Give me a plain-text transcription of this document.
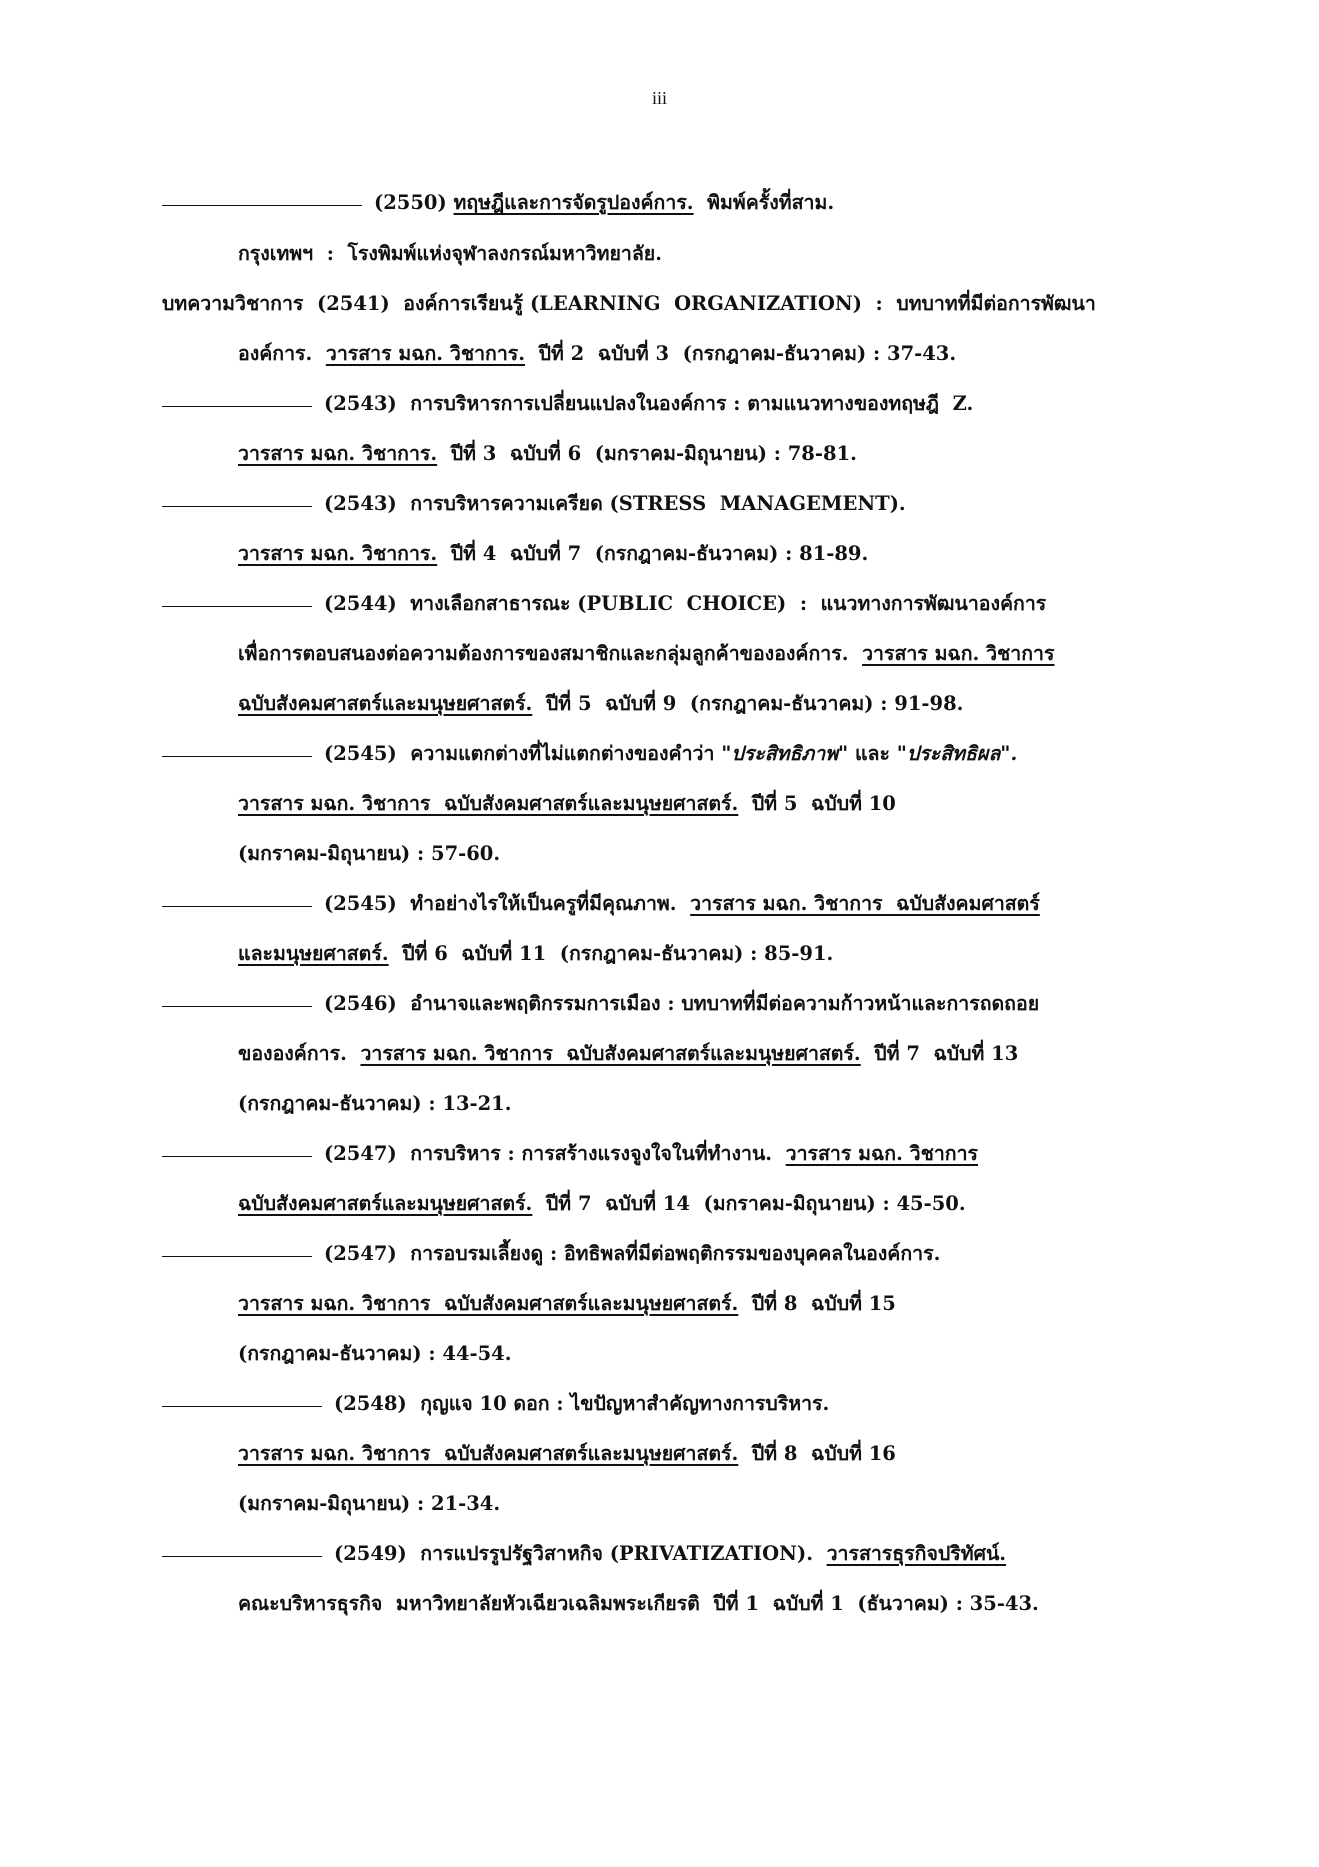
iii
(2550) ทฤษฎีและการจัดรูปองค์การ.  พิมพ์ครั้งที่สาม.
กรุงเทพฯ  :  โรงพิมพ์แห่งจุฬาลงกรณ์มหาวิทยาลัย.
บทความวิชาการ  (2541)  องค์การเรียนรู้ (LEARNING  ORGANIZATION)  :  บทบาทที่มีต่อการพัฒนา
องค์การ.  วารสาร มฉก. วิชาการ.  ปีที่ 2  ฉบับที่ 3  (กรกฎาคม-ธันวาคม) : 37-43.
(2543)  การบริหารการเปลี่ยนแปลงในองค์การ : ตามแนวทางของทฤษฎี  Z.
วารสาร มฉก. วิชาการ.  ปีที่ 3  ฉบับที่ 6  (มกราคม-มิถุนายน) : 78-81.
(2543)  การบริหารความเครียด (STRESS  MANAGEMENT).
วารสาร มฉก. วิชาการ.  ปีที่ 4  ฉบับที่ 7  (กรกฎาคม-ธันวาคม) : 81-89.
(2544)  ทางเลือกสาธารณะ (PUBLIC  CHOICE)  :  แนวทางการพัฒนาองค์การ
เพื่อการตอบสนองต่อความต้องการของสมาชิกและกลุ่มลูกค้าขององค์การ.  วารสาร มฉก. วิชาการ
ฉบับสังคมศาสตร์และมนุษยศาสตร์.  ปีที่ 5  ฉบับที่ 9  (กรกฎาคม-ธันวาคม) : 91-98.
(2545)  ความแตกต่างที่ไม่แตกต่างของคำว่า "ประสิทธิภาพ" และ "ประสิทธิผล".
วารสาร มฉก. วิชาการ  ฉบับสังคมศาสตร์และมนุษยศาสตร์.  ปีที่ 5  ฉบับที่ 10
(มกราคม-มิถุนายน) : 57-60.
(2545)  ทำอย่างไรให้เป็นครูที่มีคุณภาพ.  วารสาร มฉก. วิชาการ  ฉบับสังคมศาสตร์
และมนุษยศาสตร์.  ปีที่ 6  ฉบับที่ 11  (กรกฎาคม-ธันวาคม) : 85-91.
(2546)  อำนาจและพฤติกรรมการเมือง : บทบาทที่มีต่อความก้าวหน้าและการถดถอย
ขององค์การ.  วารสาร มฉก. วิชาการ  ฉบับสังคมศาสตร์และมนุษยศาสตร์.  ปีที่ 7  ฉบับที่ 13
(กรกฎาคม-ธันวาคม) : 13-21.
(2547)  การบริหาร : การสร้างแรงจูงใจในที่ทำงาน.  วารสาร มฉก. วิชาการ
ฉบับสังคมศาสตร์และมนุษยศาสตร์.  ปีที่ 7  ฉบับที่ 14  (มกราคม-มิถุนายน) : 45-50.
(2547)  การอบรมเลี้ยงดู : อิทธิพลที่มีต่อพฤติกรรมของบุคคลในองค์การ.
วารสาร มฉก. วิชาการ  ฉบับสังคมศาสตร์และมนุษยศาสตร์.  ปีที่ 8  ฉบับที่ 15
(กรกฎาคม-ธันวาคม) : 44-54.
(2548)  กุญแจ 10 ดอก : ไขปัญหาสำคัญทางการบริหาร.
วารสาร มฉก. วิชาการ  ฉบับสังคมศาสตร์และมนุษยศาสตร์.  ปีที่ 8  ฉบับที่ 16
(มกราคม-มิถุนายน) : 21-34.
(2549)  การแปรรูปรัฐวิสาหกิจ (PRIVATIZATION).  วารสารธุรกิจปริทัศน์.
คณะบริหารธุรกิจ  มหาวิทยาลัยหัวเฉียวเฉลิมพระเกียรติ  ปีที่ 1  ฉบับที่ 1  (ธันวาคม) : 35-43.
